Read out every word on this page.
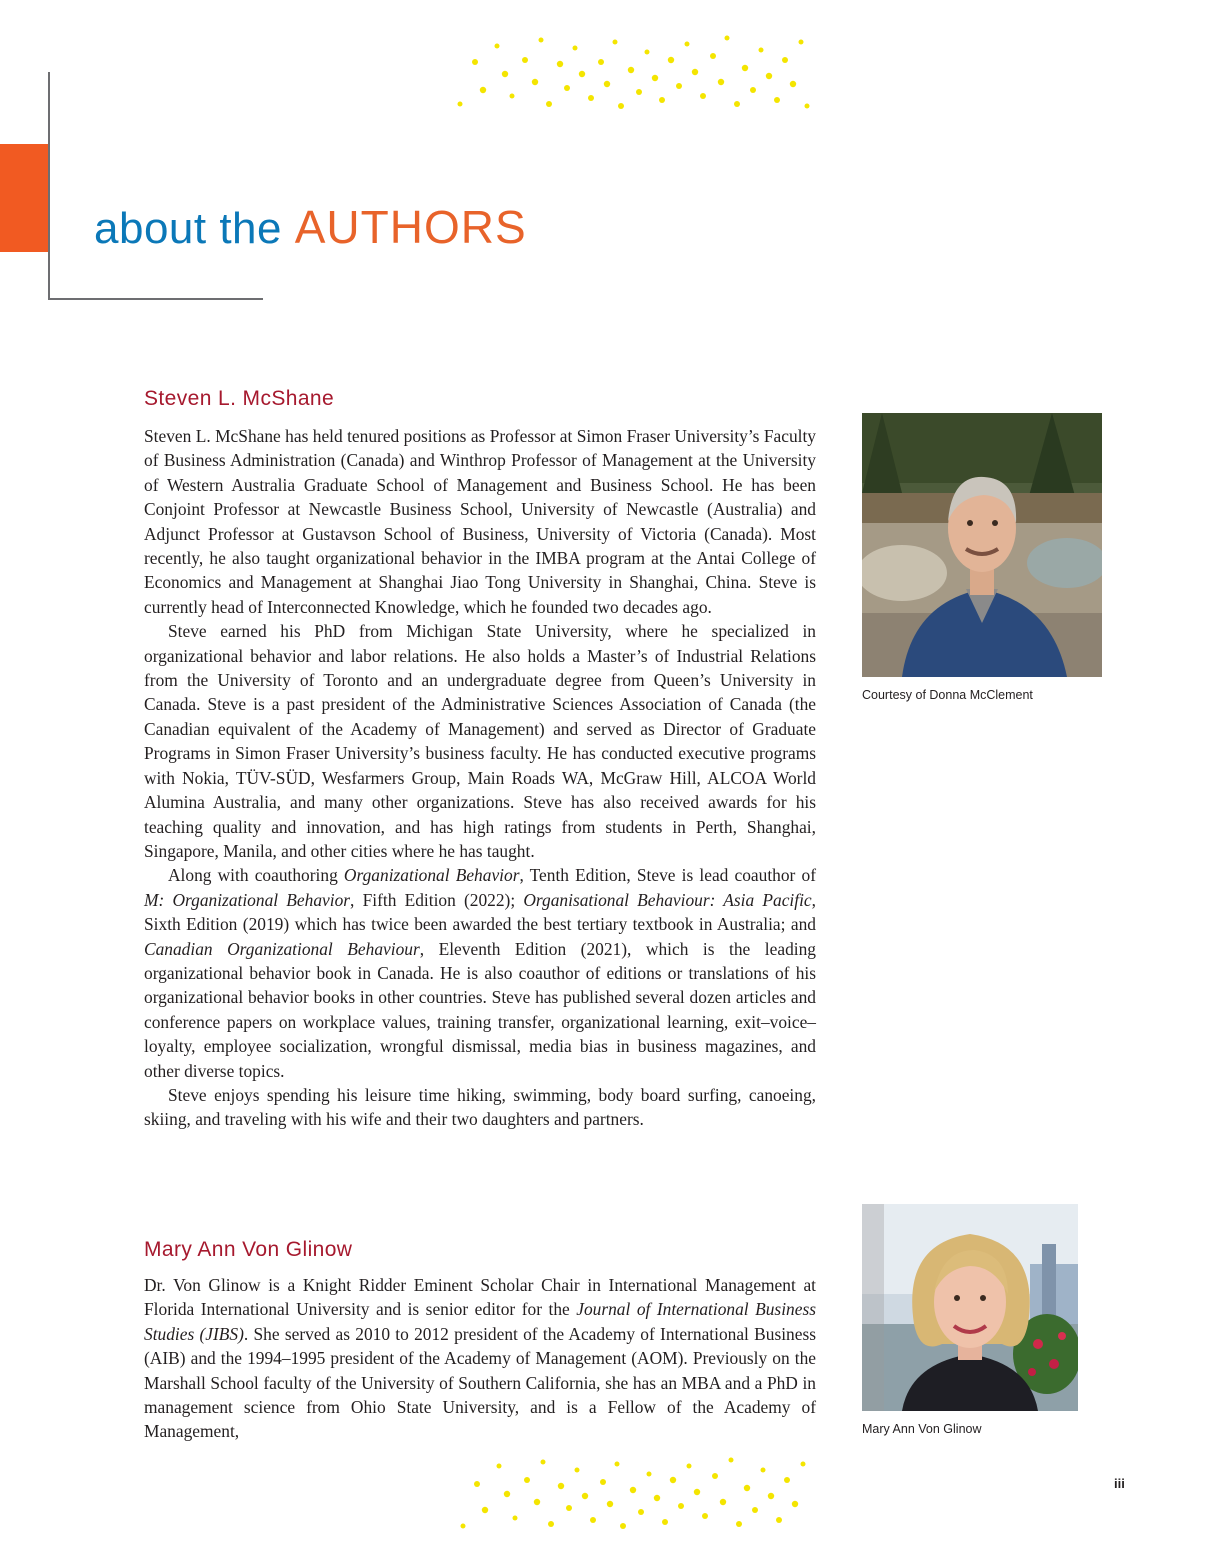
about the AUTHORS
Steven L. McShane

Steven L. McShane has held tenured positions as Professor at Simon Fraser University’s Faculty of Business Administration (Canada) and Winthrop Professor of Management at the University of Western Australia Graduate School of Management and Business School. He has been Conjoint Professor at Newcastle Business School, University of Newcastle (Australia) and Adjunct Professor at Gustavson School of Business, University of Victoria (Canada). Most recently, he also taught organizational behavior in the IMBA program at the Antai College of Economics and Management at Shanghai Jiao Tong University in Shanghai, China. Steve is currently head of Interconnected Knowledge, which he founded two decades ago.

Steve earned his PhD from Michigan State University, where he specialized in organizational behavior and labor relations. He also holds a Master’s of Industrial Relations from the University of Toronto and an undergraduate degree from Queen’s University in Canada. Steve is a past president of the Administrative Sciences Association of Canada (the Canadian equivalent of the Academy of Management) and served as Director of Graduate Programs in Simon Fraser University’s business faculty. He has conducted executive programs with Nokia, TÜV-SÜD, Wesfarmers Group, Main Roads WA, McGraw Hill, ALCOA World Alumina Australia, and many other organizations. Steve has also received awards for his teaching quality and innovation, and has high ratings from students in Perth, Shanghai, Singapore, Manila, and other cities where he has taught.

Along with coauthoring Organizational Behavior, Tenth Edition, Steve is lead coauthor of M: Organizational Behavior, Fifth Edition (2022); Organisational Behaviour: Asia Pacific, Sixth Edition (2019) which has twice been awarded the best tertiary textbook in Australia; and Canadian Organizational Behaviour, Eleventh Edition (2021), which is the leading organizational behavior book in Canada. He is also coauthor of editions or translations of his organizational behavior books in other countries. Steve has published several dozen articles and conference papers on workplace values, training transfer, organizational learning, exit–voice–loyalty, employee socialization, wrongful dismissal, media bias in business magazines, and other diverse topics.

Steve enjoys spending his leisure time hiking, swimming, body board surfing, canoeing, skiing, and traveling with his wife and their two daughters and partners.

Courtesy of Donna McClement

Mary Ann Von Glinow

Dr. Von Glinow is a Knight Ridder Eminent Scholar Chair in International Management at Florida International University and is senior editor for the Journal of International Business Studies (JIBS). She served as 2010 to 2012 president of the Academy of International Business (AIB) and the 1994–1995 president of the Academy of Management (AOM). Previously on the Marshall School faculty of the University of Southern California, she has an MBA and a PhD in management science from Ohio State University, and is a Fellow of the Academy of Management,	Mary Ann Von Glinow

iii
